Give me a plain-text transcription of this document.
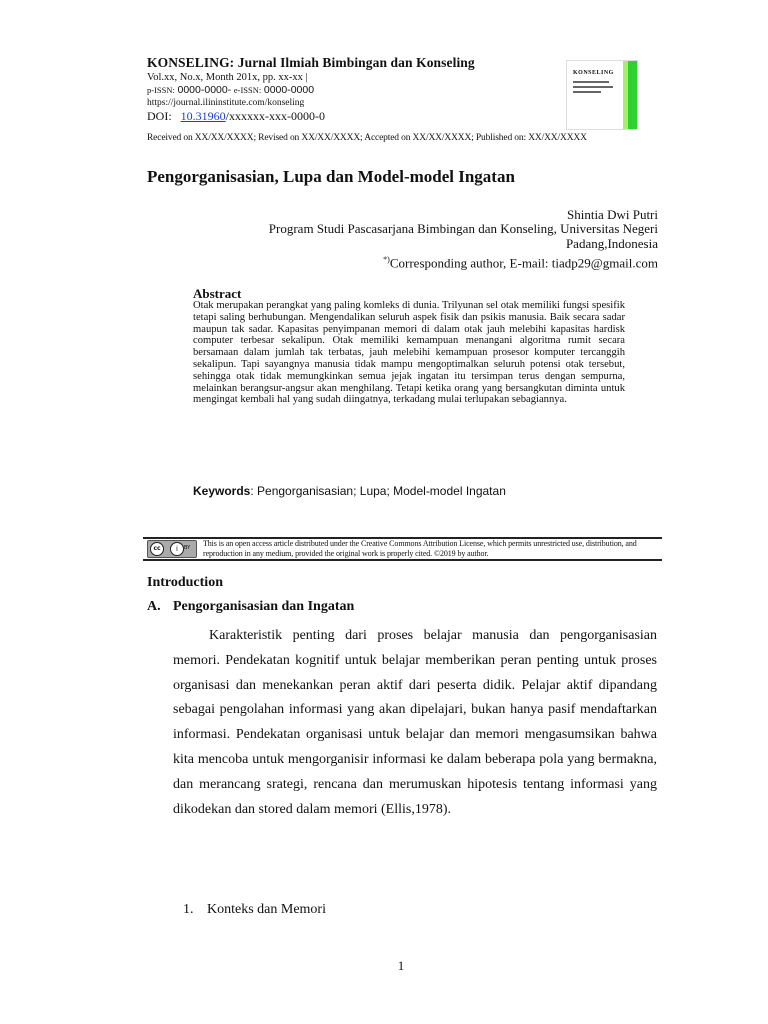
KONSELING: Jurnal Ilmiah Bimbingan dan Konseling
Vol.xx, No.x, Month 201x, pp. xx-xx |
p-ISSN: 0000-0000- e-ISSN: 0000-0000
https://journal.ilininstitute.com/konseling
DOI: 10.31960/xxxxxx-xxx-0000-0
Received on XX/XX/XXXX; Revised on XX/XX/XXXX; Accepted on XX/XX/XXXX; Published on: XX/XX/XXXX
KONSELING
Pengorganisasian, Lupa dan Model-model Ingatan
Shintia Dwi Putri
Program Studi Pascasarjana Bimbingan dan Konseling, Universitas Negeri
Padang,Indonesia
*)Corresponding author, E-mail: tiadp29@gmail.com
Abstract
Otak merupakan perangkat yang paling komleks di dunia. Trilyunan sel otak memiliki fungsi spesifik tetapi saling berhubungan. Mengendalikan seluruh aspek fisik dan psikis manusia. Baik secara sadar maupun tak sadar. Kapasitas penyimpanan memori di dalam otak jauh melebihi kapasitas hardisk computer terbesar sekalipun. Otak memiliki kemampuan menangani algoritma rumit secara bersamaan dalam jumlah tak terbatas, jauh melebihi kemampuan prosesor komputer tercanggih sekalipun. Tapi sayangnya manusia tidak mampu mengoptimalkan seluruh potensi otak tersebut, sehingga otak tidak memungkinkan semua jejak ingatan itu tersimpan terus dengan sempurna, melainkan berangsur-angsur akan menghilang. Tetapi ketika orang yang bersangkutan diminta untuk mengingat kembali hal yang sudah diingatnya, terkadang mulai terlupakan sebagiannya.
Keywords: Pengorganisasian; Lupa; Model-model Ingatan
cc	i	BY This is an open access article distributed under the Creative Commons Attribution License, which permits unrestricted use, distribution, and reproduction in any medium, provided the original work is properly cited. ©2019 by author.
Introduction
A. Pengorganisasian dan Ingatan
Karakteristik penting dari proses belajar manusia dan pengorganisasian memori. Pendekatan kognitif untuk belajar memberikan peran penting untuk proses organisasi dan menekankan peran aktif dari peserta didik. Pelajar aktif dipandang sebagai pengolahan informasi yang akan dipelajari, bukan hanya pasif mendaftarkan informasi. Pendekatan organisasi untuk belajar dan memori mengasumsikan bahwa kita mencoba untuk mengorganisir informasi ke dalam beberapa pola yang bermakna, dan merancang srategi, rencana dan merumuskan hipotesis tentang informasi yang dikodekan dan stored dalam memori (Ellis,1978).
1. Konteks dan Memori
1
